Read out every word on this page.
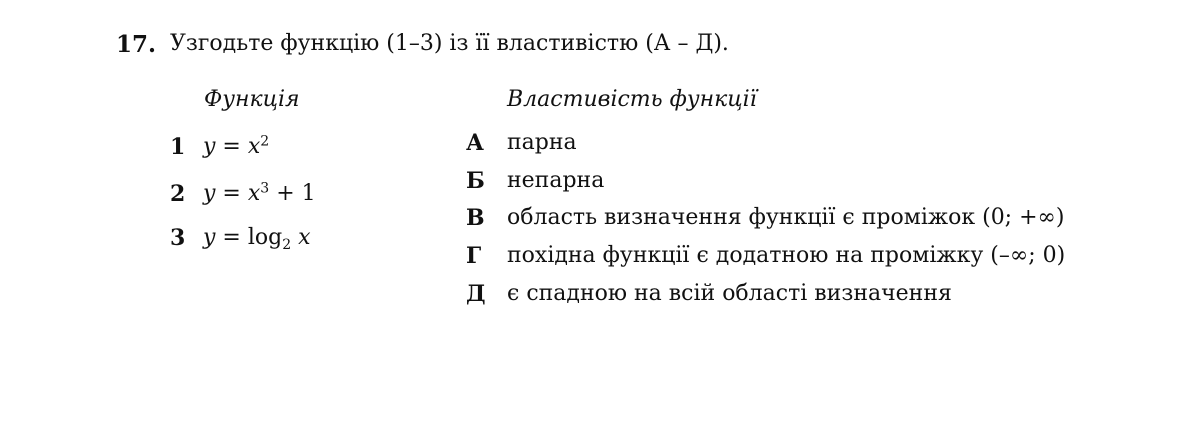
17. Узгодьте функцію (1–3) із її властивістю (А – Д).
Функція	Властивість функції
1 $y = x^2$
2 $y = x^3 + 1$
3 $y = \log_2 x$
А парна
Б непарна
В область визначення функції є проміжок (0; +∞)
Г похідна функції є додатною на проміжку (–∞; 0)
Д є спадною на всій області визначення
